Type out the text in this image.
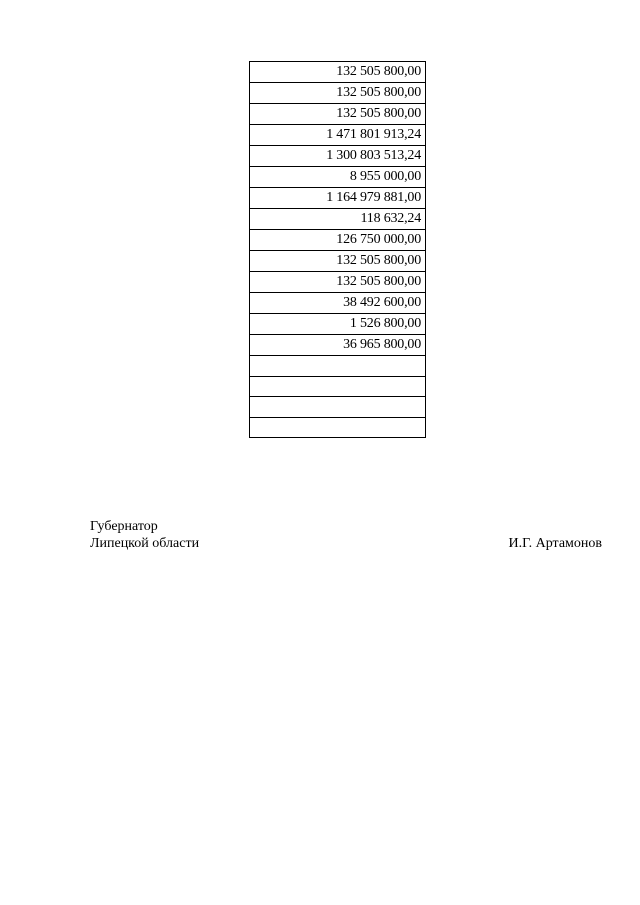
132 505 800,00
132 505 800,00
132 505 800,00
1 471 801 913,24
1 300 803 513,24
8 955 000,00
1 164 979 881,00
118 632,24
126 750 000,00
132 505 800,00
132 505 800,00
38 492 600,00
1 526 800,00
36 965 800,00

Губернатор
Липецкой области	И.Г. Артамонов
